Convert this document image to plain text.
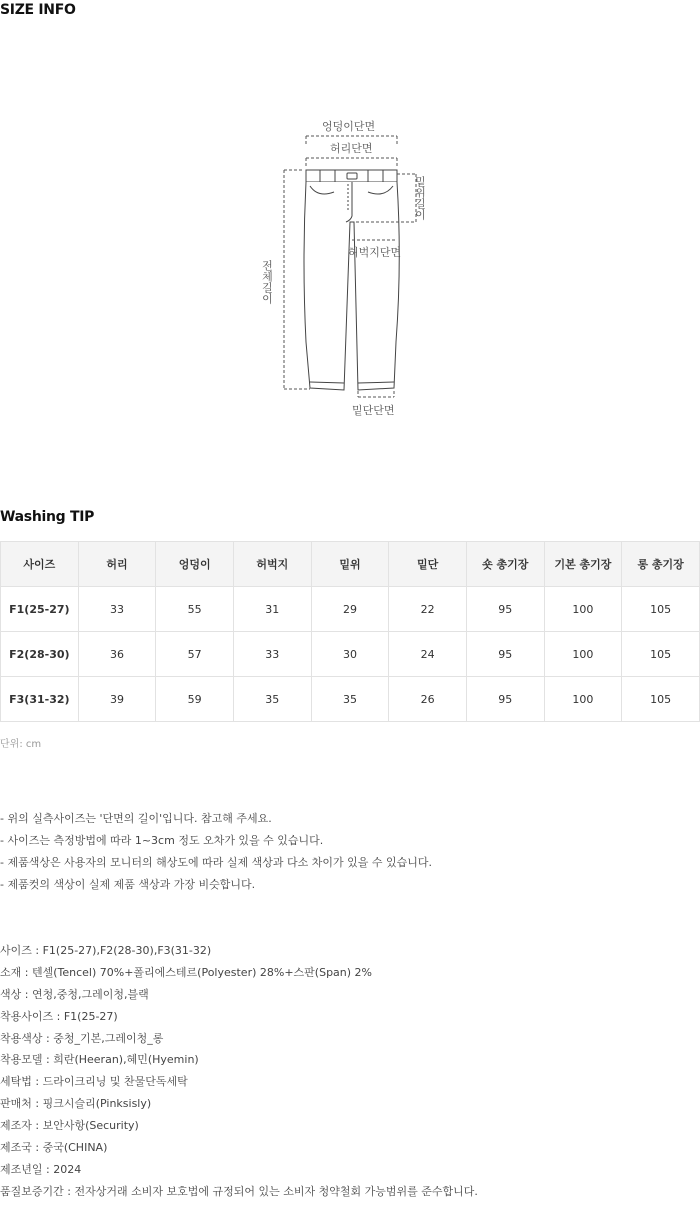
SIZE INFO
엉덩이단면
허리단면
밑위길이
허벅지단면
전체길이
밑단단면
Washing TIP
사이즈	허리	엉덩이	허벅지	밑위	밑단	숏 총기장	기본 총기장	롱 총기장
F1(25-27)	33	55	31	29	22	95	100	105
F2(28-30)	36	57	33	30	24	95	100	105
F3(31-32)	39	59	35	35	26	95	100	105
단위: cm
- 위의 실측사이즈는 '단면의 길이'입니다. 참고해 주세요.
- 사이즈는 측정방법에 따라 1~3cm 정도 오차가 있을 수 있습니다.
- 제품색상은 사용자의 모니터의 해상도에 따라 실제 색상과 다소 차이가 있을 수 있습니다.
- 제품컷의 색상이 실제 제품 색상과 가장 비슷합니다.
사이즈 : F1(25-27),F2(28-30),F3(31-32)
소재 : 텐셀(Tencel) 70%+폴리에스테르(Polyester) 28%+스판(Span) 2%
색상 : 연청,중청,그레이청,블랙
착용사이즈 : F1(25-27)
착용색상 : 중청_기본,그레이청_롱
착용모델 : 희란(Heeran),혜민(Hyemin)
세탁법 : 드라이크리닝 및 찬물단독세탁
판매처 : 핑크시슬리(Pinksisly)
제조자 : 보안사항(Security)
제조국 : 중국(CHINA)
제조년일 : 2024
품질보증기간 : 전자상거래 소비자 보호법에 규정되어 있는 소비자 청약철회 가능범위를 준수합니다.
